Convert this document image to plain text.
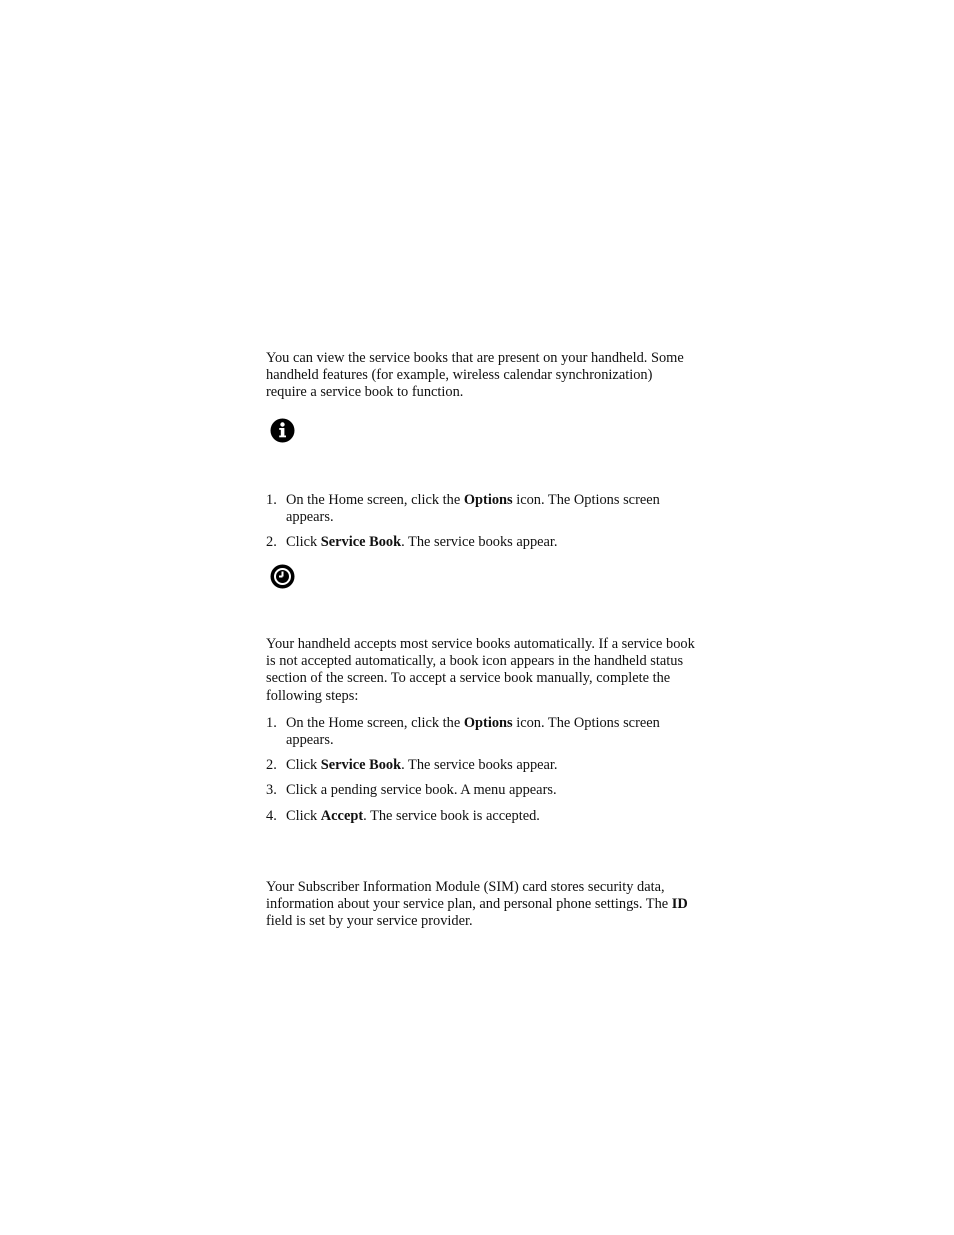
You can view the service books that are present on your handheld. Some handheld features (for example, wireless calendar synchronization) require a service book to function.

1. On the Home screen, click the Options icon. The Options screen appears.
2. Click Service Book. The service books appear.

Your handheld accepts most service books automatically. If a service book is not accepted automatically, a book icon appears in the handheld status section of the screen. To accept a service book manually, complete the following steps:

1. On the Home screen, click the Options icon. The Options screen appears.
2. Click Service Book. The service books appear.
3. Click a pending service book. A menu appears.
4. Click Accept. The service book is accepted.

Your Subscriber Information Module (SIM) card stores security data, information about your service plan, and personal phone settings. The ID field is set by your service provider.
